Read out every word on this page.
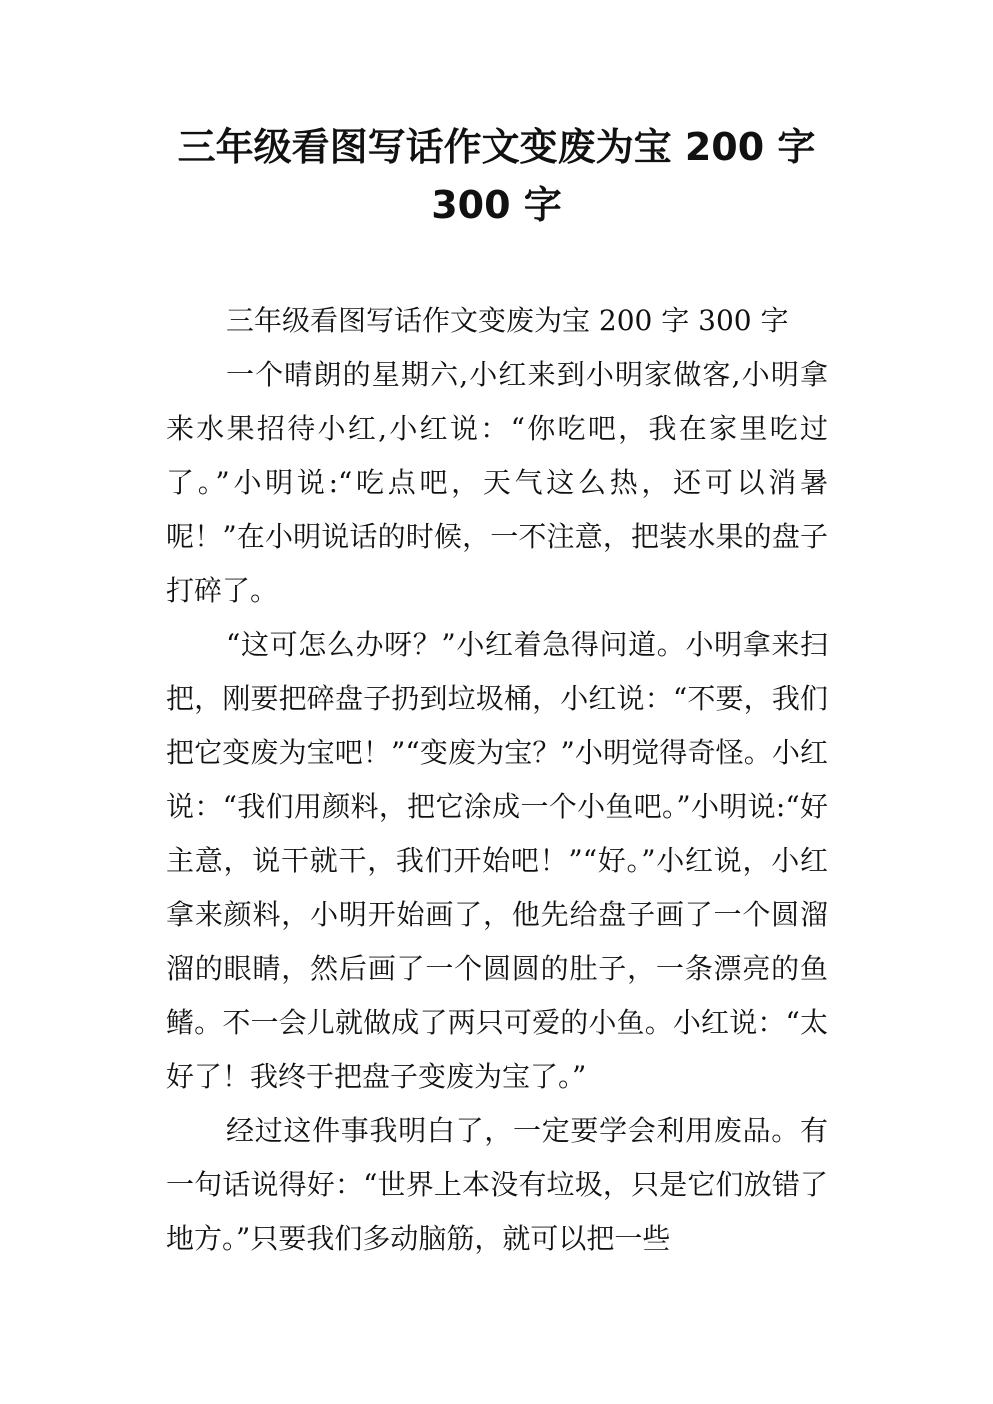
三年级看图写话作文变废为宝 200 字
300 字

三年级看图写话作文变废为宝 200 字 300 字

一个晴朗的星期六,小红来到小明家做客,小明拿来水果招待小红,小红说：“你吃吧，我在家里吃过了。”小明说:“吃点吧，天气这么热，还可以消暑呢！”在小明说话的时候，一不注意，把装水果的盘子打碎了。

“这可怎么办呀？”小红着急得问道。小明拿来扫把，刚要把碎盘子扔到垃圾桶，小红说：“不要，我们把它变废为宝吧！”“变废为宝？”小明觉得奇怪。小红说：“我们用颜料，把它涂成一个小鱼吧。”小明说:“好主意，说干就干，我们开始吧！”“好。”小红说，小红拿来颜料，小明开始画了，他先给盘子画了一个圆溜溜的眼睛，然后画了一个圆圆的肚子，一条漂亮的鱼鳍。不一会儿就做成了两只可爱的小鱼。小红说：“太好了！我终于把盘子变废为宝了。”

经过这件事我明白了，一定要学会利用废品。有一句话说得好：“世界上本没有垃圾，只是它们放错了地方。”只要我们多动脑筋，就可以把一些
